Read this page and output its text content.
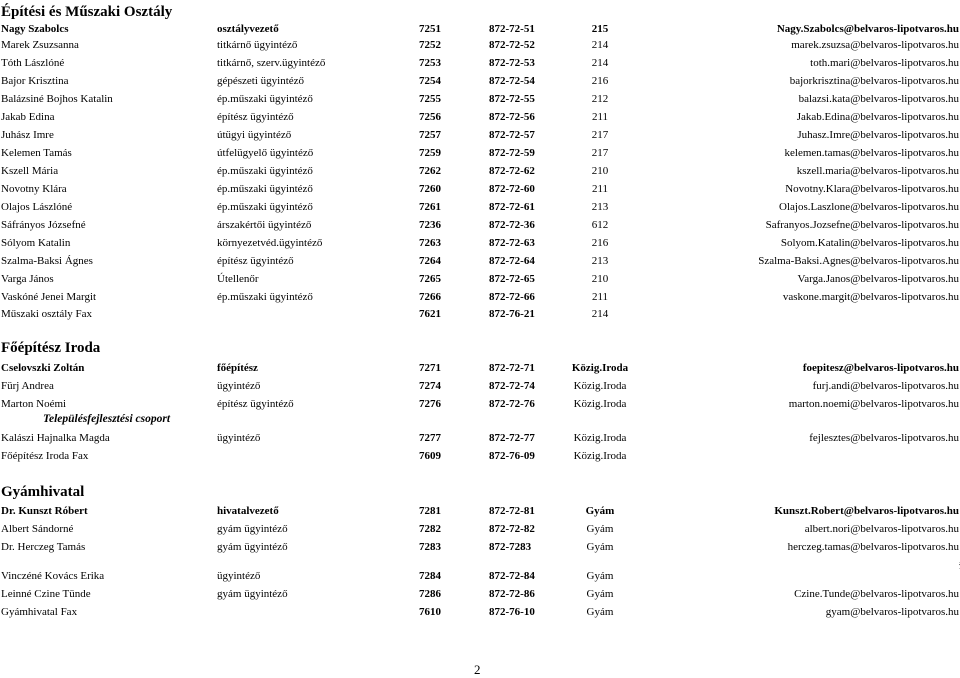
Építési és Műszaki Osztály
Nagy Szabolcs	osztályvezető	7251	872-72-51	215	Nagy.Szabolcs@belvaros-lipotvaros.hu
Marek Zsuzsanna	titkárnő ügyintéző	7252	872-72-52	214	marek.zsuzsa@belvaros-lipotvaros.hu
Tóth Lászlóné	titkárnő, szerv.ügyintéző	7253	872-72-53	214	toth.mari@belvaros-lipotvaros.hu
Bajor Krisztina	gépészeti ügyintéző	7254	872-72-54	216	bajorkrisztina@belvaros-lipotvaros.hu
Balázsiné Bojhos Katalin	ép.műszaki ügyintéző	7255	872-72-55	212	balazsi.kata@belvaros-lipotvaros.hu
Jakab Edina	építész ügyintéző	7256	872-72-56	211	Jakab.Edina@belvaros-lipotvaros.hu
Juhász Imre	útügyi ügyintéző	7257	872-72-57	217	Juhasz.Imre@belvaros-lipotvaros.hu
Kelemen Tamás	útfelügyelő ügyintéző	7259	872-72-59	217	kelemen.tamas@belvaros-lipotvaros.hu
Kszell Mária	ép.műszaki ügyintéző	7262	872-72-62	210	kszell.maria@belvaros-lipotvaros.hu
Novotny Klára	ép.műszaki ügyintéző	7260	872-72-60	211	Novotny.Klara@belvaros-lipotvaros.hu
Olajos Lászlóné	ép.műszaki ügyintéző	7261	872-72-61	213	Olajos.Laszlone@belvaros-lipotvaros.hu
Sáfrányos Józsefné	árszakértői ügyintéző	7236	872-72-36	612	Safranyos.Jozsefne@belvaros-lipotvaros.hu
Sólyom Katalin	környezetvéd.ügyintéző	7263	872-72-63	216	Solyom.Katalin@belvaros-lipotvaros.hu
Szalma-Baksi Ágnes	építész ügyintéző	7264	872-72-64	213	Szalma-Baksi.Agnes@belvaros-lipotvaros.hu
Varga János	Útellenőr	7265	872-72-65	210	Varga.Janos@belvaros-lipotvaros.hu
Vaskóné Jenei Margit	ép.műszaki ügyintéző	7266	872-72-66	211	vaskone.margit@belvaros-lipotvaros.hu
Műszaki osztály Fax	7621	872-76-21	214
Főépítész Iroda
Településfejlesztési csoport
Cselovszki Zoltán	főépítész	7271	872-72-71	Közig.Iroda	foepitesz@belvaros-lipotvaros.hu
Fürj Andrea	ügyintéző	7274	872-72-74	Közig.Iroda	furj.andi@belvaros-lipotvaros.hu
Marton Noémi	építész ügyintéző	7276	872-72-76	Közig.Iroda	marton.noemi@belvaros-lipotvaros.hu
Kalászi Hajnalka Magda	ügyintéző	7277	872-72-77	Közig.Iroda	fejlesztes@belvaros-lipotvaros.hu
Főépítész Iroda Fax	7609	872-76-09	Közig.Iroda
Gyámhivatal
Dr. Kunszt Róbert	hivatalvezető	7281	872-72-81	Gyám	Kunszt.Robert@belvaros-lipotvaros.hu
Albert Sándorné	gyám ügyintéző	7282	872-72-82	Gyám	albert.nori@belvaros-lipotvaros.hu
Dr. Herczeg Tamás	gyám ügyintéző	7283	872-7283	Gyám	herczeg.tamas@belvaros-lipotvaros.hu
Vinczéné Kovács Erika	ügyintéző	7284	872-72-84	Gyám
Leinné Czine Tünde	gyám ügyintéző	7286	872-72-86	Gyám	Czine.Tunde@belvaros-lipotvaros.hu
Gyámhivatal Fax	7610	872-76-10	Gyám	gyam@belvaros-lipotvaros.hu
2
